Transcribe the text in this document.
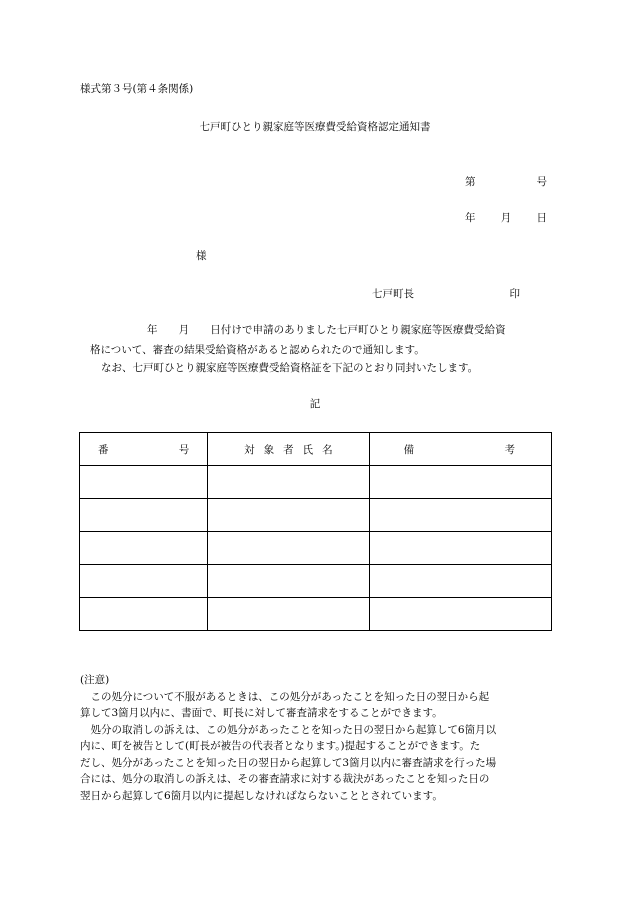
様式第３号(第４条関係)
七戸町ひとり親家庭等医療費受給資格認定通知書
第	号
年 月 日
様
七戸町長	印
年　　月　　日付けで申請のありました七戸町ひとり親家庭等医療費受給資
格について、審査の結果受給資格があると認められたので通知します。
なお、七戸町ひとり親家庭等医療費受給資格証を下記のとおり同封いたします。
記
番 号	対象者氏名	備 考

(注意)
　この処分について不服があるときは、この処分があったことを知った日の翌日から起
算して3箇月以内に、書面で、町長に対して審査請求をすることができます。
　処分の取消しの訴えは、この処分があったことを知った日の翌日から起算して6箇月以
内に、町を被告として(町長が被告の代表者となります。)提起することができます。た
だし、処分があったことを知った日の翌日から起算して3箇月以内に審査請求を行った場
合には、処分の取消しの訴えは、その審査請求に対する裁決があったことを知った日の
翌日から起算して6箇月以内に提起しなければならないこととされています。
